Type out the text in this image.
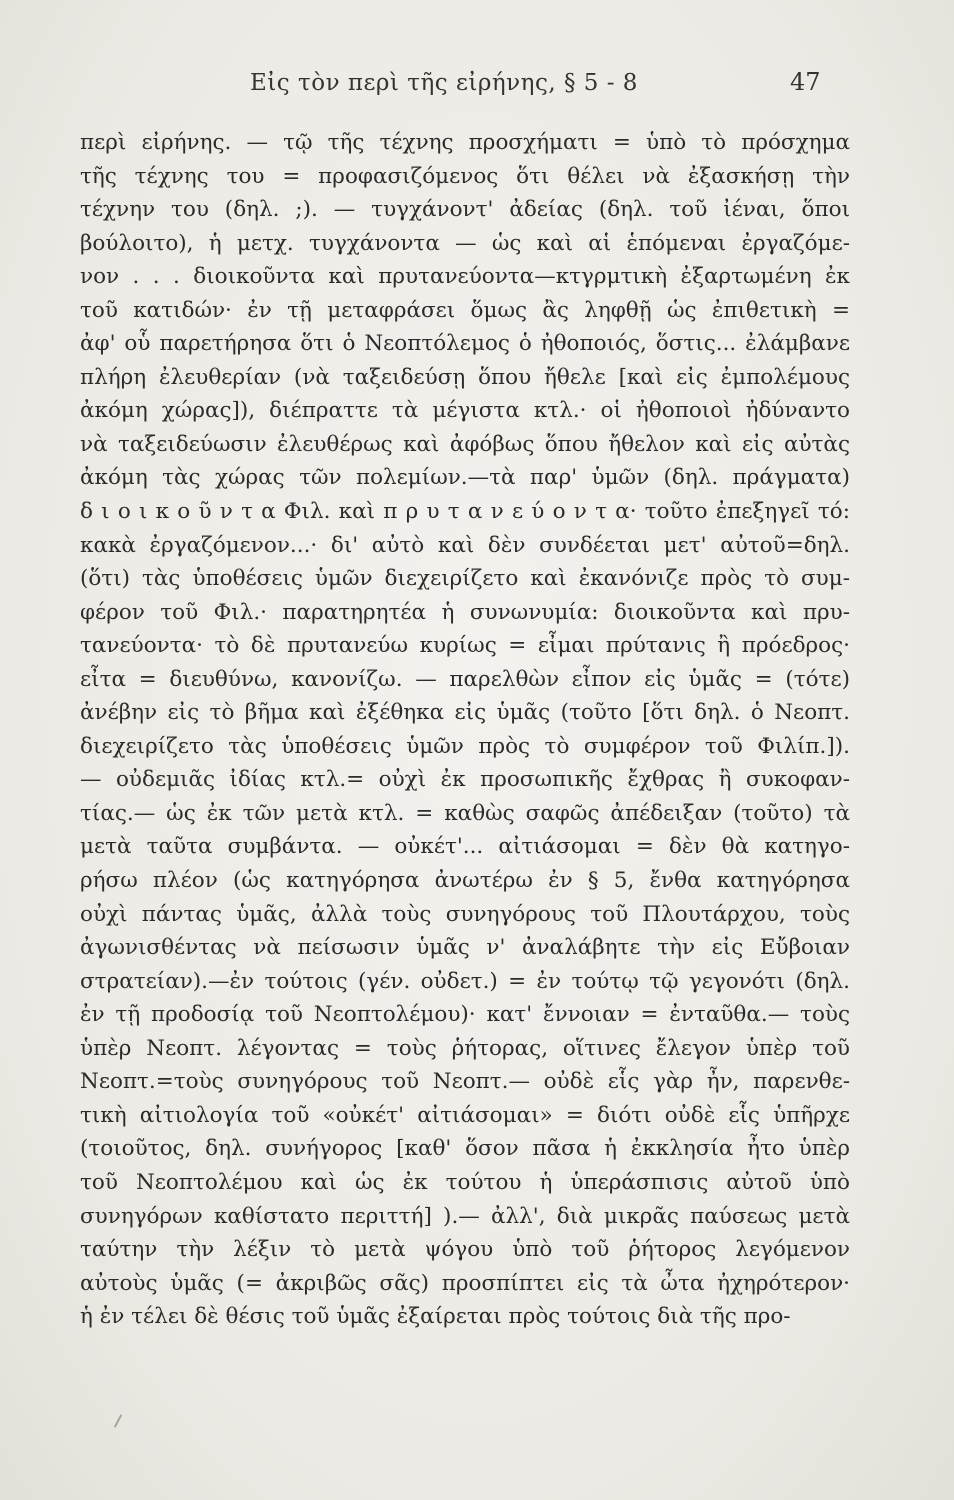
Εἰς τὸν περὶ τῆς εἰρήνης, § 5 - 8	47
περὶ εἰρήνης. — τῷ τῆς τέχνης προσχήματι = ὑπὸ τὸ πρόσχημα
τῆς τέχνης του = προφασιζόμενος ὅτι θέλει νὰ ἐξασκήσῃ τὴν
τέχνην του (δηλ. ;). — τυγχάνοντ' ἀδείας (δηλ. τοῦ ἰέναι, ὅποι
βούλοιτο), ἡ μετχ. τυγχάνοντα — ὡς καὶ αἱ ἑπόμεναι ἐργαζόμε-
νον . . . διοικοῦντα καὶ πρυτανεύοντα—κτγρμτικὴ ἐξαρτωμένη ἐκ
τοῦ κατιδών· ἐν τῇ μεταφράσει ὅμως ἂς ληφθῇ ὡς ἐπιθετικὴ =
ἀφ' οὗ παρετήρησα ὅτι ὁ Νεοπτόλεμος ὁ ἠθοποιός, ὅστις... ἐλάμβανε
πλήρη ἐλευθερίαν (νὰ ταξειδεύσῃ ὅπου ἤθελε [καὶ εἰς ἐμπολέμους
ἀκόμη χώρας]), διέπραττε τὰ μέγιστα κτλ.· οἱ ἠθοποιοὶ ἠδύναντο
νὰ ταξειδεύωσιν ἐλευθέρως καὶ ἀφόβως ὅπου ἤθελον καὶ εἰς αὐτὰς
ἀκόμη τὰς χώρας τῶν πολεμίων.—τὰ παρ' ὑμῶν (δηλ. πράγματα)
δ ι ο ι κ ο ῦ ν τ α Φιλ. καὶ π ρ υ τ α ν ε ύ ο ν τ α· τοῦτο ἐπεξηγεῖ τό:
κακὰ ἐργαζόμενον...· δι' αὐτὸ καὶ δὲν συνδέεται μετ' αὐτοῦ=δηλ.
(ὅτι) τὰς ὑποθέσεις ὑμῶν διεχειρίζετο καὶ ἐκανόνιζε πρὸς τὸ συμ-
φέρον τοῦ Φιλ.· παρατηρητέα ἡ συνωνυμία: διοικοῦντα καὶ πρυ-
τανεύοντα· τὸ δὲ πρυτανεύω κυρίως = εἶμαι πρύτανις ἢ πρόεδρος·
εἶτα = διευθύνω, κανονίζω. — παρελθὼν εἶπον εἰς ὑμᾶς = (τότε)
ἀνέβην εἰς τὸ βῆμα καὶ ἐξέθηκα εἰς ὑμᾶς (τοῦτο [ὅτι δηλ. ὁ Νεοπτ.
διεχειρίζετο τὰς ὑποθέσεις ὑμῶν πρὸς τὸ συμφέρον τοῦ Φιλίπ.]).
— οὐδεμιᾶς ἰδίας κτλ.= οὐχὶ ἐκ προσωπικῆς ἔχθρας ἢ συκοφαν-
τίας.— ὡς ἐκ τῶν μετὰ κτλ. = καθὼς σαφῶς ἀπέδειξαν (τοῦτο) τὰ
μετὰ ταῦτα συμβάντα. — οὐκέτ'... αἰτιάσομαι = δὲν θὰ κατηγο-
ρήσω πλέον (ὡς κατηγόρησα ἀνωτέρω ἐν § 5, ἔνθα κατηγόρησα
οὐχὶ πάντας ὑμᾶς, ἀλλὰ τοὺς συνηγόρους τοῦ Πλουτάρχου, τοὺς
ἀγωνισθέντας νὰ πείσωσιν ὑμᾶς ν' ἀναλάβητε τὴν εἰς Εὔβοιαν
στρατείαν).—ἐν τούτοις (γέν. οὐδετ.) = ἐν τούτῳ τῷ γεγονότι (δηλ.
ἐν τῇ προδοσίᾳ τοῦ Νεοπτολέμου)· κατ' ἔννοιαν = ἐνταῦθα.— τοὺς
ὑπὲρ Νεοπτ. λέγοντας = τοὺς ῥήτορας, οἵτινες ἔλεγον ὑπὲρ τοῦ
Νεοπτ.=τοὺς συνηγόρους τοῦ Νεοπτ.— οὐδὲ εἷς γὰρ ἦν, παρενθε-
τικὴ αἰτιολογία τοῦ «οὐκέτ' αἰτιάσομαι» = διότι οὐδὲ εἷς ὑπῆρχε
(τοιοῦτος, δηλ. συνήγορος [καθ' ὅσον πᾶσα ἡ ἐκκλησία ἦτο ὑπὲρ
τοῦ Νεοπτολέμου καὶ ὡς ἐκ τούτου ἡ ὑπεράσπισις αὐτοῦ ὑπὸ
συνηγόρων καθίστατο περιττή] ).— ἀλλ', διὰ μικρᾶς παύσεως μετὰ
ταύτην τὴν λέξιν τὸ μετὰ ψόγου ὑπὸ τοῦ ῥήτορος λεγόμενον
αὐτοὺς ὑμᾶς (= ἀκριβῶς σᾶς) προσπίπτει εἰς τὰ ὦτα ἠχηρότερον·
ἡ ἐν τέλει δὲ θέσις τοῦ ὑμᾶς ἐξαίρεται πρὸς τούτοις διὰ τῆς προ-
